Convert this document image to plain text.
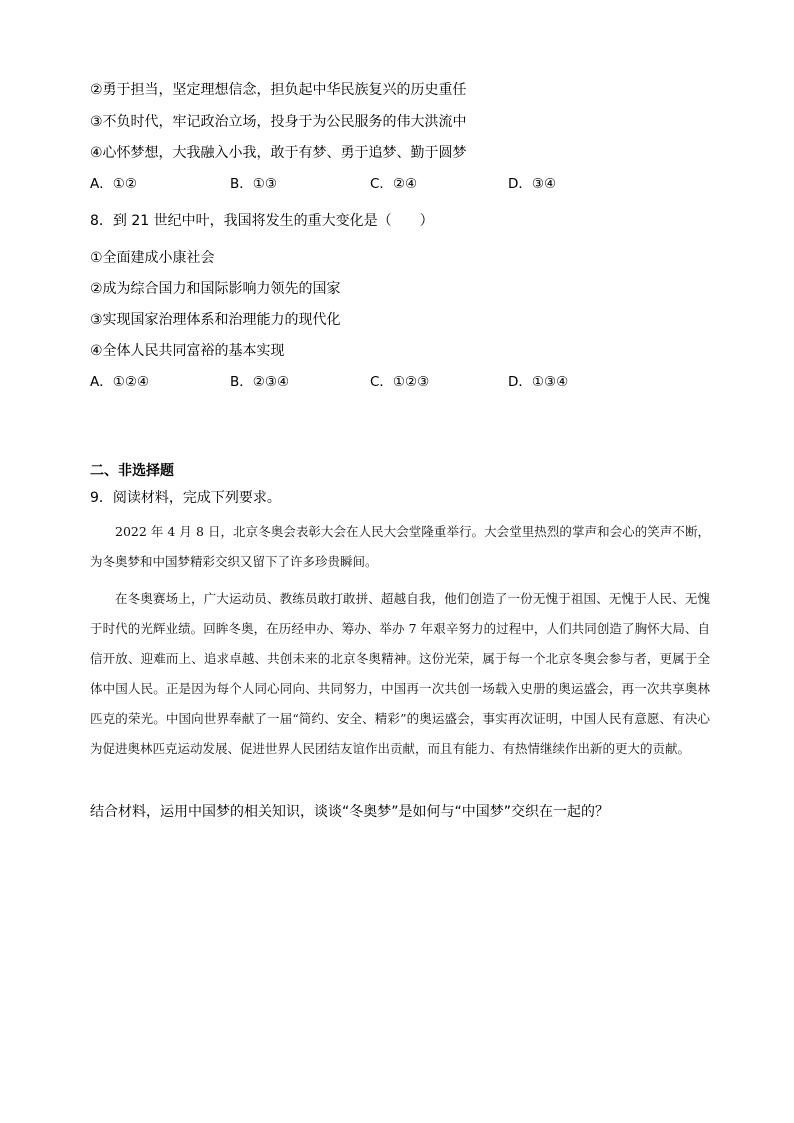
②勇于担当，坚定理想信念，担负起中华民族复兴的历史重任
③不负时代，牢记政治立场，投身于为公民服务的伟大洪流中
④心怀梦想，大我融入小我，敢于有梦、勇于追梦、勤于圆梦
A．①②	B．①③	C．②④	D．③④
8．到 21 世纪中叶，我国将发生的重大变化是（　　）
①全面建成小康社会
②成为综合国力和国际影响力领先的国家
③实现国家治理体系和治理能力的现代化
④全体人民共同富裕的基本实现
A．①②④	B．②③④	C．①②③	D．①③④
二、非选择题
9．阅读材料，完成下列要求。

2022 年 4 月 8 日，北京冬奥会表彰大会在人民大会堂隆重举行。大会堂里热烈的掌声和会心的笑声不断，为冬奥梦和中国梦精彩交织又留下了许多珍贵瞬间。

在冬奥赛场上，广大运动员、教练员敢打敢拼、超越自我，他们创造了一份无愧于祖国、无愧于人民、无愧于时代的光辉业绩。回眸冬奥，在历经申办、筹办、举办 7 年艰辛努力的过程中，人们共同创造了胸怀大局、自信开放、迎难而上、追求卓越、共创未来的北京冬奥精神。这份光荣，属于每一个北京冬奥会参与者，更属于全体中国人民。正是因为每个人同心同向、共同努力，中国再一次共创一场载入史册的奥运盛会，再一次共享奥林匹克的荣光。中国向世界奉献了一届“简约、安全、精彩”的奥运盛会，事实再次证明，中国人民有意愿、有决心为促进奥林匹克运动发展、促进世界人民团结友谊作出贡献，而且有能力、有热情继续作出新的更大的贡献。

结合材料，运用中国梦的相关知识，谈谈“冬奥梦”是如何与“中国梦”交织在一起的？
